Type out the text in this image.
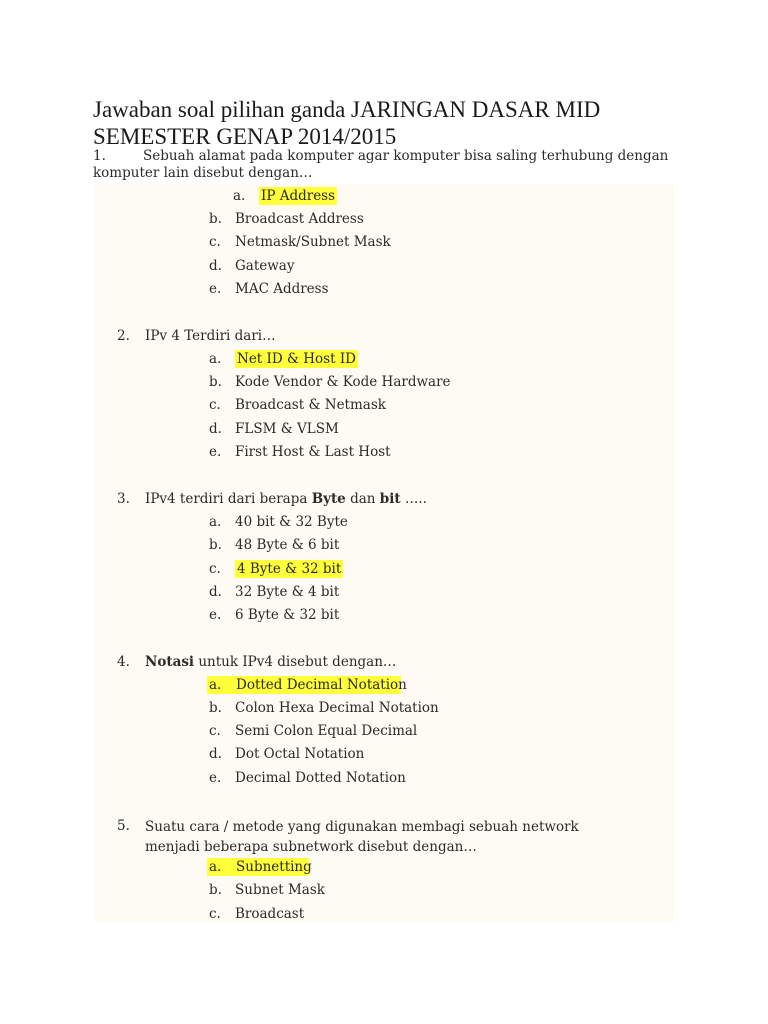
Jawaban soal pilihan ganda JARINGAN DASAR MID SEMESTER GENAP 2014/2015
1.	Sebuah alamat pada komputer agar komputer bisa saling terhubung dengan komputer lain disebut dengan…
a.	IP Address
b. Broadcast Address
c.	Netmask/Subnet Mask
d. Gateway
e.	MAC Address
2. IPv 4 Terdiri dari…
a.	Net ID & Host ID
b. Kode Vendor & Kode Hardware
c.	Broadcast & Netmask
d. FLSM & VLSM
e.	First Host & Last Host
3. IPv4 terdiri dari berapa Byte dan bit …..
a.	40 bit & 32 Byte
b. 48 Byte & 6 bit
c.	4 Byte & 32 bit
d. 32 Byte & 4 bit
e.	6 Byte & 32 bit
4. Notasi untuk IPv4 disebut dengan…
a.	Dotted Decimal Notation
b. Colon Hexa Decimal Notation
c.	Semi Colon Equal Decimal
d. Dot Octal Notation
e.	Decimal Dotted Notation
5. Suatu cara / metode yang digunakan membagi sebuah network menjadi beberapa subnetwork disebut dengan…
a.	Subnetting
b. Subnet Mask
c.	Broadcast
